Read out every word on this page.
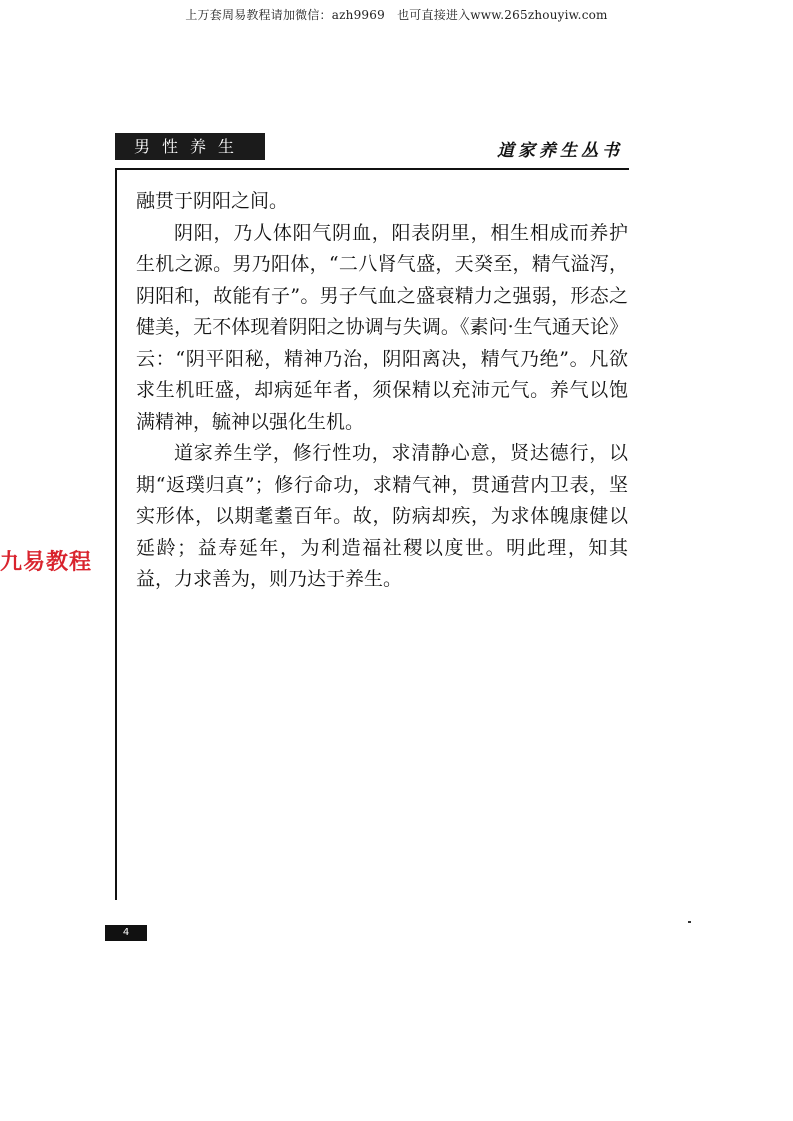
上万套周易教程请加微信：azh9969　也可直接进入www.265zhouyiw.com
男性养生	道家养生丛书

融贯于阴阳之间。

阴阳，乃人体阳气阴血，阳表阴里，相生相成而养护生机之源。男乃阳体，“二八肾气盛，天癸至，精气溢泻，阴阳和，故能有子”。男子气血之盛衰精力之强弱，形态之健美，无不体现着阴阳之协调与失调。《素问·生气通天论》云：“阴平阳秘，精神乃治，阴阳离决，精气乃绝”。凡欲求生机旺盛，却病延年者，须保精以充沛元气。养气以饱满精神，毓神以强化生机。

道家养生学，修行性功，求清静心意，贤达德行，以期“返璞归真”；修行命功，求精气神，贯通营内卫表，坚实形体，以期耄耋百年。故，防病却疾，为求体魄康健以延龄；益寿延年，为利造福社稷以度世。明此理，知其益，力求善为，则乃达于养生。

九易教程
4
